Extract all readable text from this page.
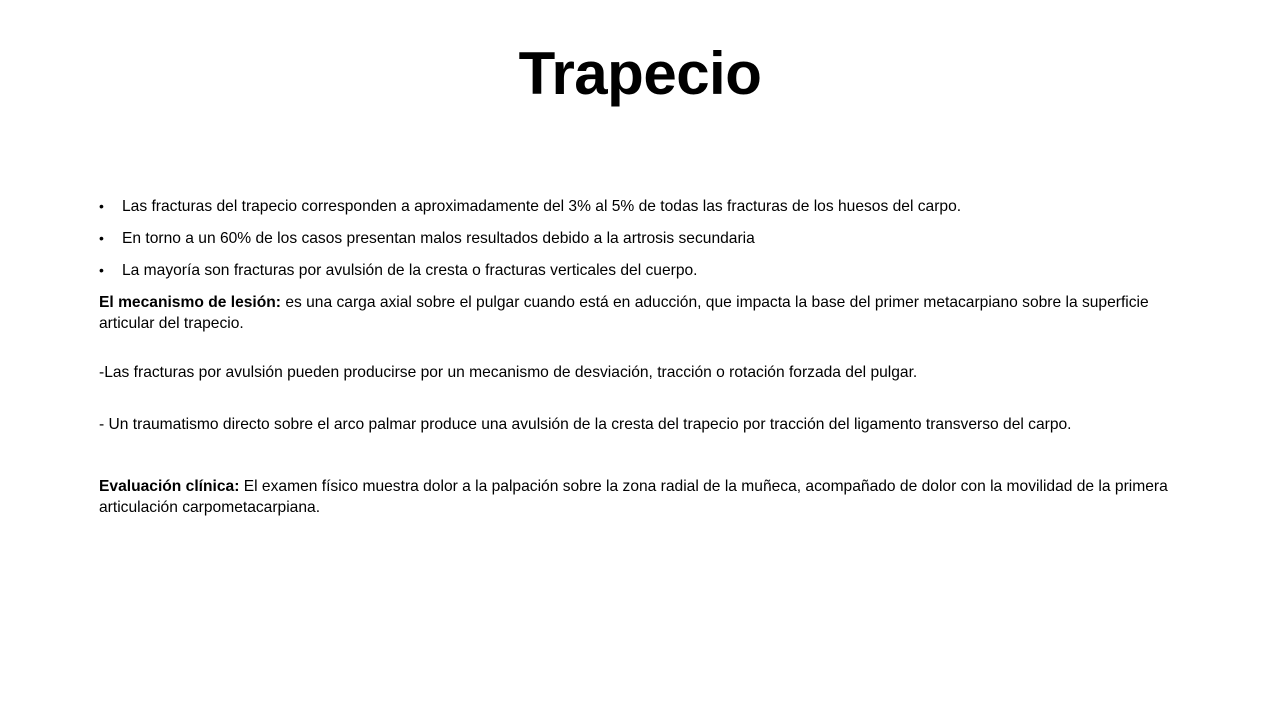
Trapecio
• Las fracturas del trapecio corresponden a aproximadamente del 3% al 5% de todas las fracturas de los huesos del carpo.
• En torno a un 60% de los casos presentan malos resultados debido a la artrosis secundaria
• La mayoría son fracturas por avulsión de la cresta o fracturas verticales del cuerpo.

El mecanismo de lesión: es una carga axial sobre el pulgar cuando está en aducción, que impacta la base del primer metacarpiano sobre la superficie articular del trapecio.

-Las fracturas por avulsión pueden producirse por un mecanismo de desviación, tracción o rotación forzada del pulgar.

- Un traumatismo directo sobre el arco palmar produce una avulsión de la cresta del trapecio por tracción del ligamento transverso del carpo.

Evaluación clínica: El examen físico muestra dolor a la palpación sobre la zona radial de la muñeca, acompañado de dolor con la movilidad de la primera articulación carpometacarpiana.
